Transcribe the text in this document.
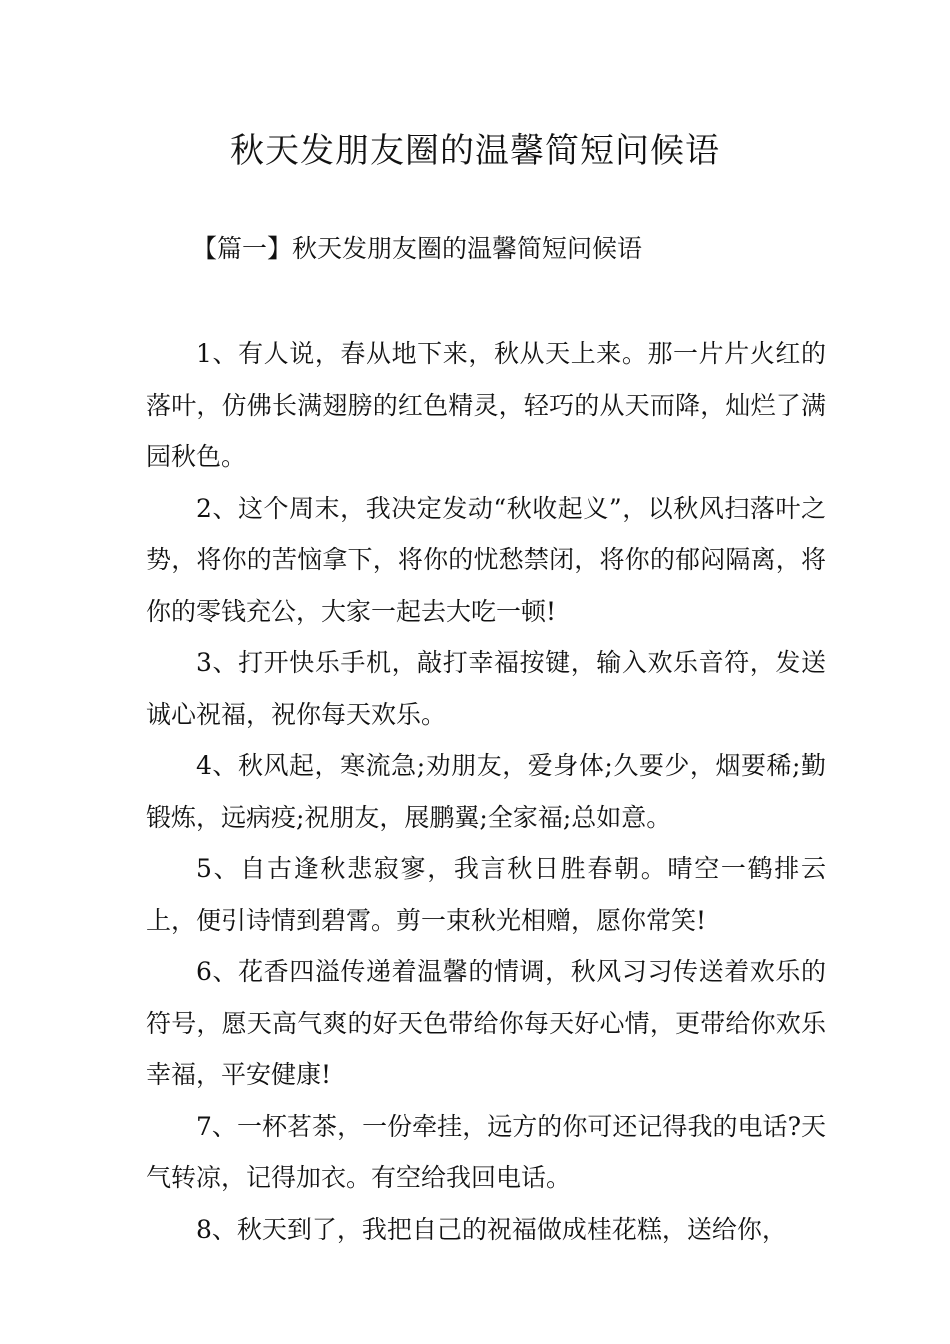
秋天发朋友圈的温馨简短问候语
【篇一】秋天发朋友圈的温馨简短问候语

1、有人说，春从地下来，秋从天上来。那一片片火红的落叶，仿佛长满翅膀的红色精灵，轻巧的从天而降，灿烂了满园秋色。

2、这个周末，我决定发动“秋收起义”，以秋风扫落叶之势，将你的苦恼拿下，将你的忧愁禁闭，将你的郁闷隔离，将你的零钱充公，大家一起去大吃一顿!

3、打开快乐手机，敲打幸福按键，输入欢乐音符，发送诚心祝福，祝你每天欢乐。

4、秋风起，寒流急;劝朋友，爱身体;久要少，烟要稀;勤锻炼，远病疫;祝朋友，展鹏翼;全家福;总如意。

5、自古逢秋悲寂寥，我言秋日胜春朝。晴空一鹤排云上，便引诗情到碧霄。剪一束秋光相赠，愿你常笑!

6、花香四溢传递着温馨的情调，秋风习习传送着欢乐的符号，愿天高气爽的好天色带给你每天好心情，更带给你欢乐幸福，平安健康!

7、一杯茗茶，一份牵挂，远方的你可还记得我的电话?天气转凉，记得加衣。有空给我回电话。

8、秋天到了，我把自己的祝福做成桂花糕，送给你，
